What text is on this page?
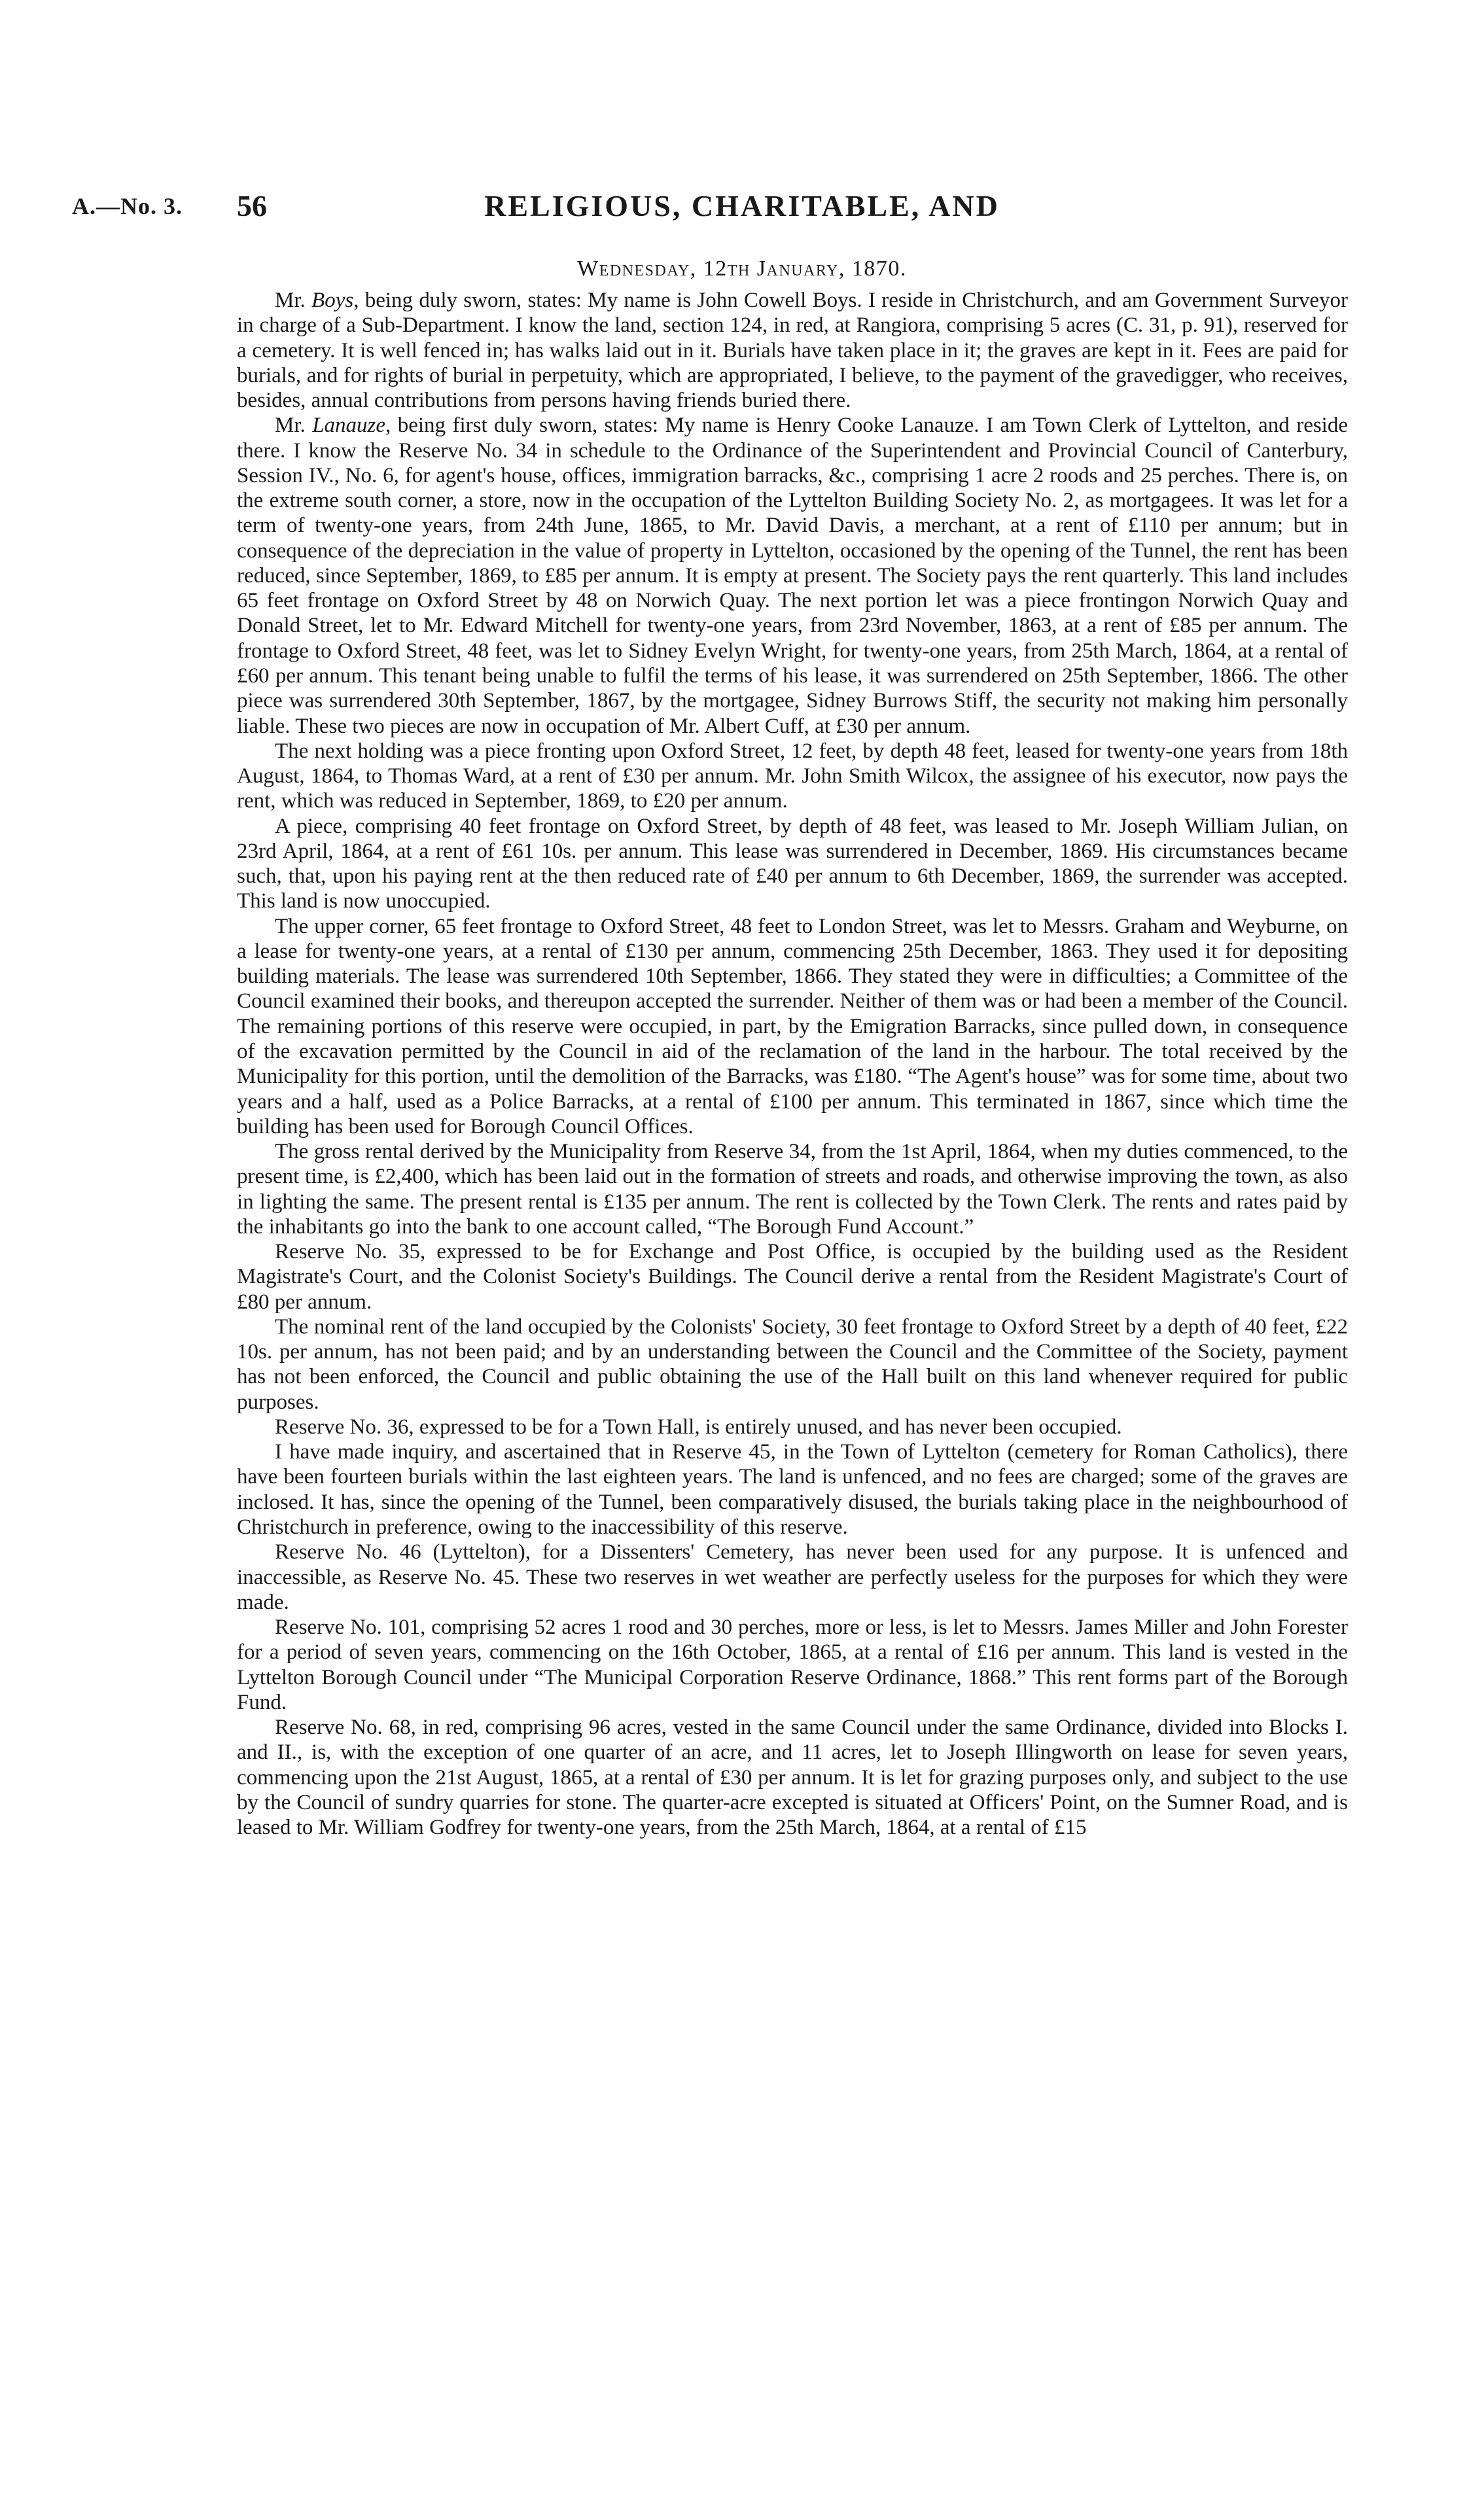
A.—No. 3. 56	RELIGIOUS, CHARITABLE, AND
Wednesday, 12th January, 1870.

Mr. Boys, being duly sworn, states: My name is John Cowell Boys. I reside in Christchurch, and am Government Surveyor in charge of a Sub-Department. I know the land, section 124, in red, at Rangiora, comprising 5 acres (C. 31, p. 91), reserved for a cemetery. It is well fenced in; has walks laid out in it. Burials have taken place in it; the graves are kept in it. Fees are paid for burials, and for rights of burial in perpetuity, which are appropriated, I believe, to the payment of the gravedigger, who receives, besides, annual contributions from persons having friends buried there.

Mr. Lanauze, being first duly sworn, states: My name is Henry Cooke Lanauze. I am Town Clerk of Lyttelton, and reside there. I know the Reserve No. 34 in schedule to the Ordinance of the Superintendent and Provincial Council of Canterbury, Session IV., No. 6, for agent's house, offices, immigration barracks, &c., comprising 1 acre 2 roods and 25 perches. There is, on the extreme south corner, a store, now in the occupation of the Lyttelton Building Society No. 2, as mortgagees. It was let for a term of twenty-one years, from 24th June, 1865, to Mr. David Davis, a merchant, at a rent of £110 per annum; but in consequence of the depreciation in the value of property in Lyttelton, occasioned by the opening of the Tunnel, the rent has been reduced, since September, 1869, to £85 per annum. It is empty at present. The Society pays the rent quarterly. This land includes 65 feet frontage on Oxford Street by 48 on Norwich Quay. The next portion let was a piece frontingon Norwich Quay and Donald Street, let to Mr. Edward Mitchell for twenty-one years, from 23rd November, 1863, at a rent of £85 per annum. The frontage to Oxford Street, 48 feet, was let to Sidney Evelyn Wright, for twenty-one years, from 25th March, 1864, at a rental of £60 per annum. This tenant being unable to fulfil the terms of his lease, it was surrendered on 25th September, 1866. The other piece was surrendered 30th September, 1867, by the mortgagee, Sidney Burrows Stiff, the security not making him personally liable. These two pieces are now in occupation of Mr. Albert Cuff, at £30 per annum.

The next holding was a piece fronting upon Oxford Street, 12 feet, by depth 48 feet, leased for twenty-one years from 18th August, 1864, to Thomas Ward, at a rent of £30 per annum. Mr. John Smith Wilcox, the assignee of his executor, now pays the rent, which was reduced in September, 1869, to £20 per annum.

A piece, comprising 40 feet frontage on Oxford Street, by depth of 48 feet, was leased to Mr. Joseph William Julian, on 23rd April, 1864, at a rent of £61 10s. per annum. This lease was surrendered in December, 1869. His circumstances became such, that, upon his paying rent at the then reduced rate of £40 per annum to 6th December, 1869, the surrender was accepted. This land is now unoccupied.

The upper corner, 65 feet frontage to Oxford Street, 48 feet to London Street, was let to Messrs. Graham and Weyburne, on a lease for twenty-one years, at a rental of £130 per annum, commencing 25th December, 1863. They used it for depositing building materials. The lease was surrendered 10th September, 1866. They stated they were in difficulties; a Committee of the Council examined their books, and thereupon accepted the surrender. Neither of them was or had been a member of the Council. The remaining portions of this reserve were occupied, in part, by the Emigration Barracks, since pulled down, in consequence of the excavation permitted by the Council in aid of the reclamation of the land in the harbour. The total received by the Municipality for this portion, until the demolition of the Barracks, was £180. “The Agent's house” was for some time, about two years and a half, used as a Police Barracks, at a rental of £100 per annum. This terminated in 1867, since which time the building has been used for Borough Council Offices.

The gross rental derived by the Municipality from Reserve 34, from the 1st April, 1864, when my duties commenced, to the present time, is £2,400, which has been laid out in the formation of streets and roads, and otherwise improving the town, as also in lighting the same. The present rental is £135 per annum. The rent is collected by the Town Clerk. The rents and rates paid by the inhabitants go into the bank to one account called, “The Borough Fund Account.”

Reserve No. 35, expressed to be for Exchange and Post Office, is occupied by the building used as the Resident Magistrate's Court, and the Colonist Society's Buildings. The Council derive a rental from the Resident Magistrate's Court of £80 per annum.

The nominal rent of the land occupied by the Colonists' Society, 30 feet frontage to Oxford Street by a depth of 40 feet, £22 10s. per annum, has not been paid; and by an understanding between the Council and the Committee of the Society, payment has not been enforced, the Council and public obtaining the use of the Hall built on this land whenever required for public purposes.

Reserve No. 36, expressed to be for a Town Hall, is entirely unused, and has never been occupied.

I have made inquiry, and ascertained that in Reserve 45, in the Town of Lyttelton (cemetery for Roman Catholics), there have been fourteen burials within the last eighteen years. The land is unfenced, and no fees are charged; some of the graves are inclosed. It has, since the opening of the Tunnel, been comparatively disused, the burials taking place in the neighbourhood of Christchurch in preference, owing to the inaccessibility of this reserve.

Reserve No. 46 (Lyttelton), for a Dissenters' Cemetery, has never been used for any purpose. It is unfenced and inaccessible, as Reserve No. 45. These two reserves in wet weather are perfectly useless for the purposes for which they were made.

Reserve No. 101, comprising 52 acres 1 rood and 30 perches, more or less, is let to Messrs. James Miller and John Forester for a period of seven years, commencing on the 16th October, 1865, at a rental of £16 per annum. This land is vested in the Lyttelton Borough Council under “The Municipal Corporation Reserve Ordinance, 1868.” This rent forms part of the Borough Fund.

Reserve No. 68, in red, comprising 96 acres, vested in the same Council under the same Ordinance, divided into Blocks I. and II., is, with the exception of one quarter of an acre, and 11 acres, let to Joseph Illingworth on lease for seven years, commencing upon the 21st August, 1865, at a rental of £30 per annum. It is let for grazing purposes only, and subject to the use by the Council of sundry quarries for stone. The quarter-acre excepted is situated at Officers' Point, on the Sumner Road, and is leased to Mr. William Godfrey for twenty-one years, from the 25th March, 1864, at a rental of £15
